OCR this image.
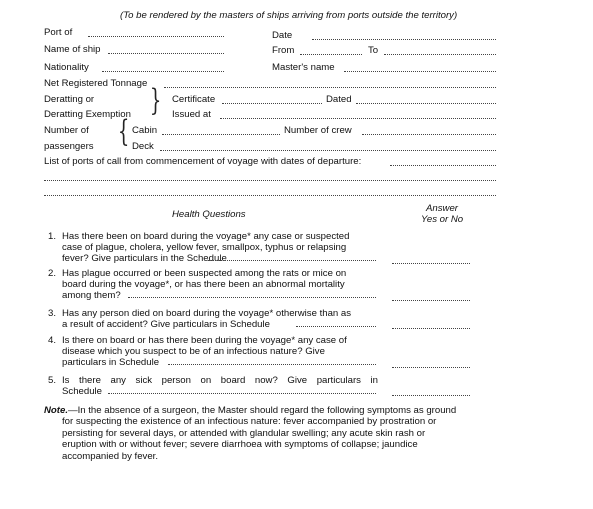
(To be rendered by the masters of ships arriving from ports outside the territory)
Port of	Date
Name of ship	From	To
Nationality	Master's name
Net Registered Tonnage
Deratting or
Deratting Exemption } Certificate	Dated
Issued at
Number of
passengers { Cabin	Number of crew
Deck
List of ports of call from commencement of voyage with dates of departure:
Health Questions
Answer
Yes or No
1. Has there been on board during the voyage* any case or suspected
case of plague, cholera, yellow fever, smallpox, typhus or relapsing
fever? Give particulars in the Schedule
2. Has plague occurred or been suspected among the rats or mice on
board during the voyage*, or has there been an abnormal mortality
among them?
3. Has any person died on board during the voyage* otherwise than as
a result of accident? Give particulars in Schedule
4. Is there on board or has there been during the voyage* any case of
disease which you suspect to be of an infectious nature? Give
particulars in Schedule
5. Is there any sick person on board now? Give particulars in
Schedule
Note.—In the absence of a surgeon, the Master should regard the following symptoms as ground
for suspecting the existence of an infectious nature: fever accompanied by prostration or
persisting for several days, or attended with glandular swelling; any acute skin rash or
eruption with or without fever; severe diarrhoea with symptoms of collapse; jaundice
accompanied by fever.
